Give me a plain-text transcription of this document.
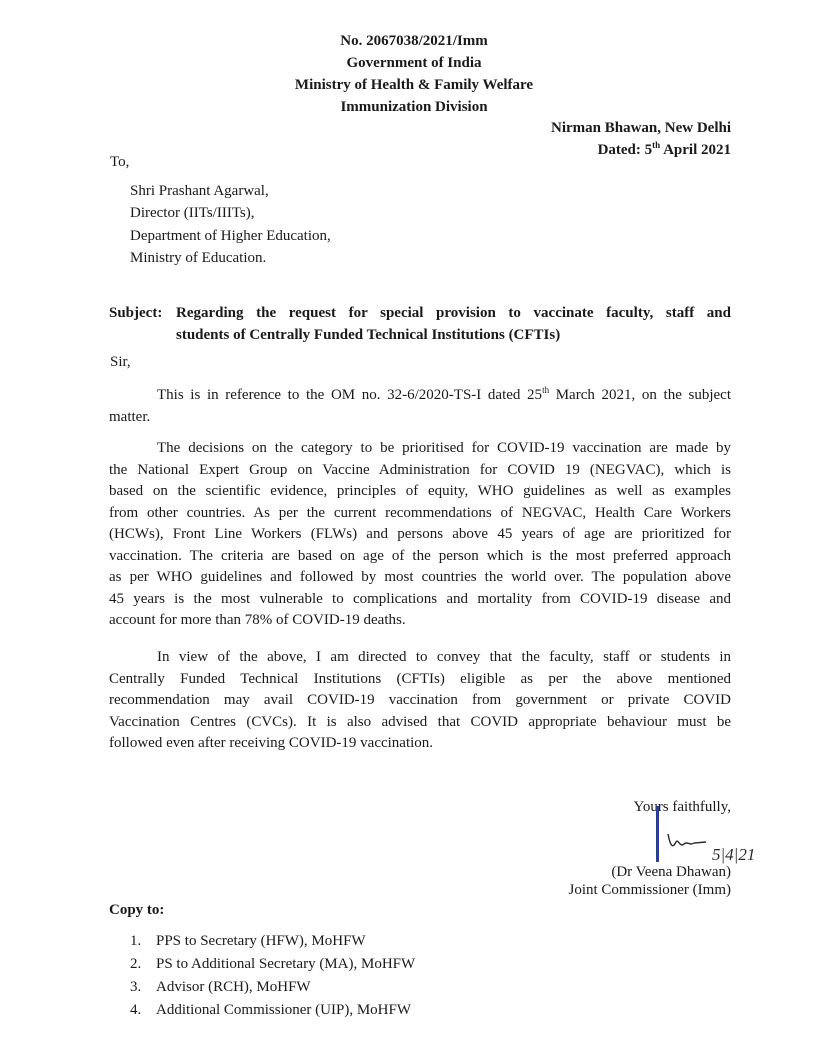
No. 2067038/2021/Imm
Government of India
Ministry of Health & Family Welfare
Immunization Division
Nirman Bhawan, New Delhi
Dated: 5th April 2021
To,
Shri Prashant Agarwal,
Director (IITs/IIITs),
Department of Higher Education,
Ministry of Education.
Subject: Regarding the request for special provision to vaccinate faculty, staff and
students of Centrally Funded Technical Institutions (CFTIs)
Sir,
This is in reference to the OM no. 32-6/2020-TS-I dated 25th March 2021, on the subject
matter.
The decisions on the category to be prioritised for COVID-19 vaccination are made by
the National Expert Group on Vaccine Administration for COVID 19 (NEGVAC), which is
based on the scientific evidence, principles of equity, WHO guidelines as well as examples
from other countries. As per the current recommendations of NEGVAC, Health Care Workers
(HCWs), Front Line Workers (FLWs) and persons above 45 years of age are prioritized for
vaccination. The criteria are based on age of the person which is the most preferred approach
as per WHO guidelines and followed by most countries the world over. The population above
45 years is the most vulnerable to complications and mortality from COVID-19 disease and
account for more than 78% of COVID-19 deaths.
In view of the above, I am directed to convey that the faculty, staff or students in
Centrally Funded Technical Institutions (CFTIs) eligible as per the above mentioned
recommendation may avail COVID-19 vaccination from government or private COVID
Vaccination Centres (CVCs). It is also advised that COVID appropriate behaviour must be
followed even after receiving COVID-19 vaccination.
Yours faithfully,
5|4|21
(Dr Veena Dhawan)
Joint Commissioner (Imm)
Copy to:
1. PPS to Secretary (HFW), MoHFW
2. PS to Additional Secretary (MA), MoHFW
3. Advisor (RCH), MoHFW
4. Additional Commissioner (UIP), MoHFW
